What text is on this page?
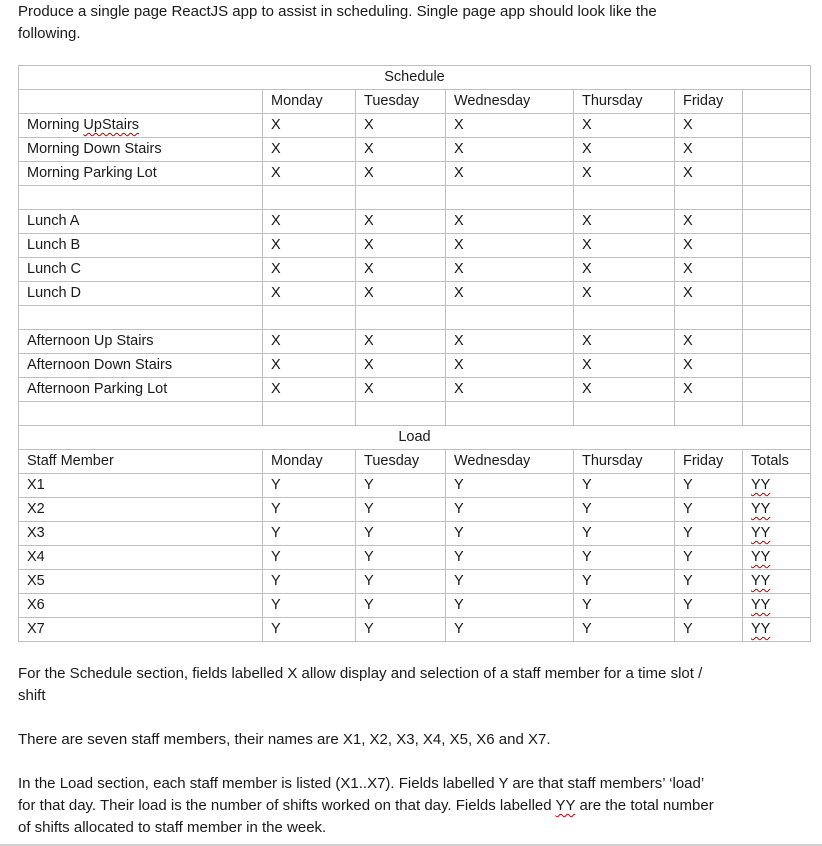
Produce a single page ReactJS app to assist in scheduling. Single page app should look like the following.

Schedule						
	Monday	Tuesday	Wednesday	Thursday	Friday	
Morning UpStairs	X	X	X	X	X	
Morning Down Stairs	X	X	X	X	X	
Morning Parking Lot	X	X	X	X	X	

Lunch A	X	X	X	X	X	
Lunch B	X	X	X	X	X	
Lunch C	X	X	X	X	X	
Lunch D	X	X	X	X	X	

Afternoon Up Stairs	X	X	X	X	X	
Afternoon Down Stairs	X	X	X	X	X	
Afternoon Parking Lot	X	X	X	X	X	

Load						
Staff Member	Monday	Tuesday	Wednesday	Thursday	Friday	Totals
X1	Y	Y	Y	Y	Y	YY
X2	Y	Y	Y	Y	Y	YY
X3	Y	Y	Y	Y	Y	YY
X4	Y	Y	Y	Y	Y	YY
X5	Y	Y	Y	Y	Y	YY
X6	Y	Y	Y	Y	Y	YY
X7	Y	Y	Y	Y	Y	YY

For the Schedule section, fields labelled X allow display and selection of a staff member for a time slot / shift

There are seven staff members, their names are X1, X2, X3, X4, X5, X6 and X7.

In the Load section, each staff member is listed (X1..X7). Fields labelled Y are that staff members’ ‘load’ for that day. Their load is the number of shifts worked on that day. Fields labelled YY are the total number of shifts allocated to staff member in the week.
